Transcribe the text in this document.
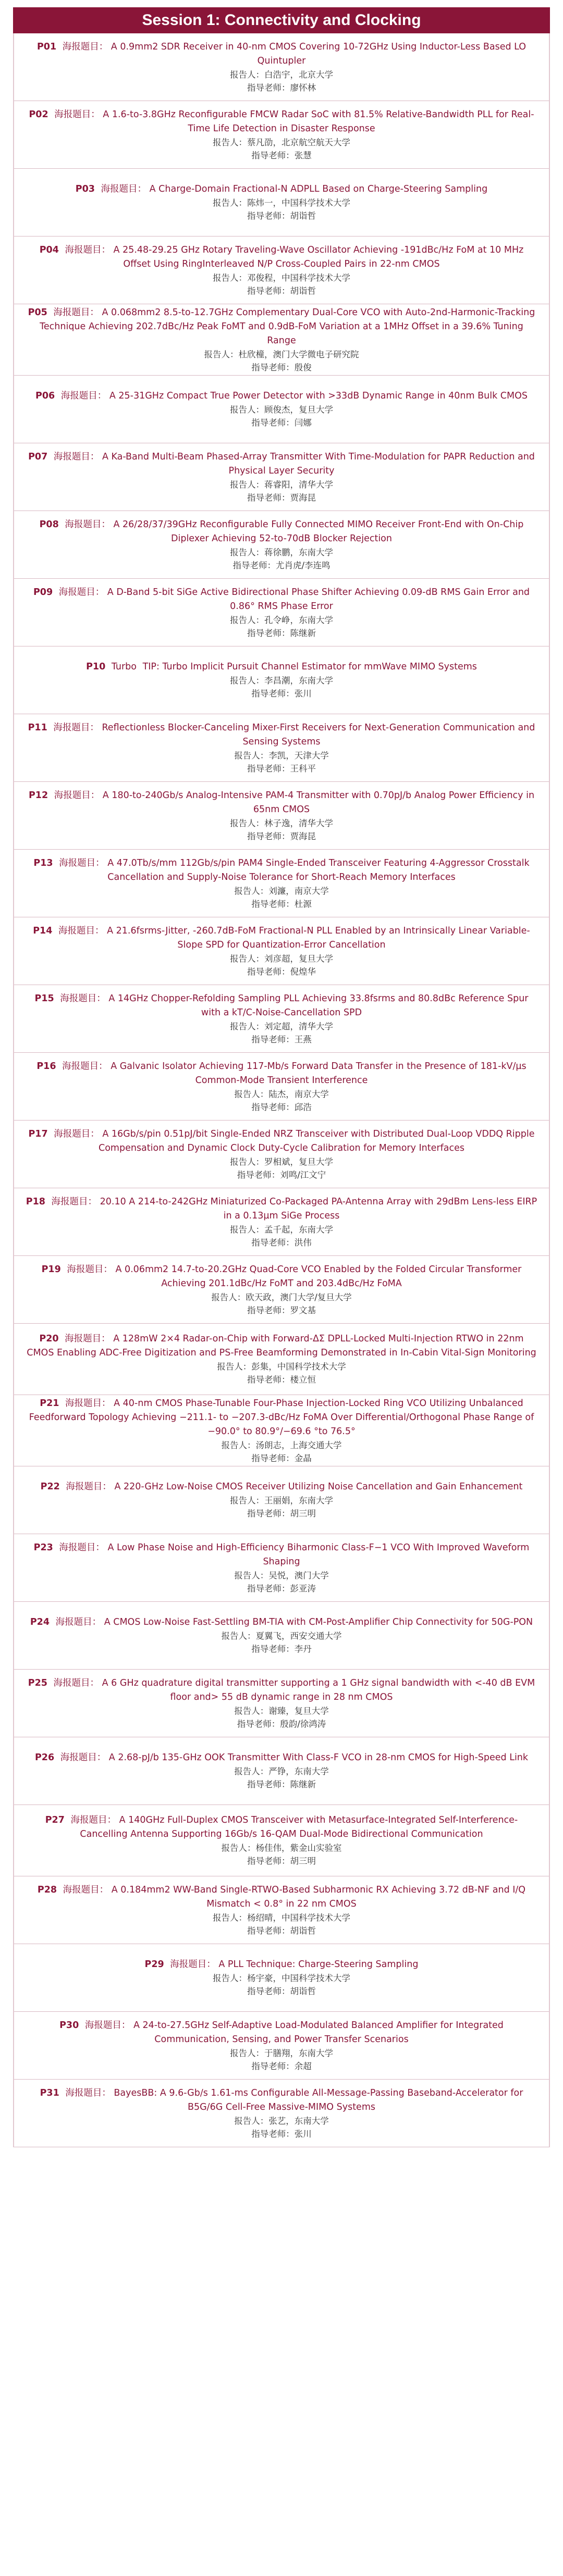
Session 1: Connectivity and Clocking
P01 海报题目： A 0.9mm2 SDR Receiver in 40-nm CMOS Covering 10-72GHz Using Inductor-Less Based LO Quintupler
报告人：白浩宇，北京大学
指导老师：廖怀林
P02 海报题目： A 1.6-to-3.8GHz Reconfigurable FMCW Radar SoC with 81.5% Relative-Bandwidth PLL for Real-Time Life Detection in Disaster Response
报告人：蔡凡劭，北京航空航天大学
指导老师：张慧
P03 海报题目： A Charge-Domain Fractional-N ADPLL Based on Charge-Steering Sampling
报告人：陈炜一，中国科学技术大学
指导老师：胡诣哲
P04 海报题目： A 25.48-29.25 GHz Rotary Traveling-Wave Oscillator Achieving -191dBc/Hz FoM at 10 MHz Offset Using RingInterleaved N/P Cross-Coupled Pairs in 22-nm CMOS
报告人：邓俊程，中国科学技术大学
指导老师：胡诣哲
P05 海报题目： A 0.068mm2 8.5-to-12.7GHz Complementary Dual-Core VCO with Auto-2nd-Harmonic-Tracking Technique Achieving 202.7dBc/Hz Peak FoMT and 0.9dB-FoM Variation at a 1MHz Offset in a 39.6% Tuning Range
报告人：杜欣橦，澳门大学微电子研究院
指导老师：殷俊
P06 海报题目： A 25-31GHz Compact True Power Detector with >33dB Dynamic Range in 40nm Bulk CMOS
报告人：顾俊杰，复旦大学
指导老师：闫娜
P07 海报题目： A Ka-Band Multi-Beam Phased-Array Transmitter With Time-Modulation for PAPR Reduction and Physical Layer Security
报告人：蒋睿阳，清华大学
指导老师：贾海昆
P08 海报题目： A 26/28/37/39GHz Reconfigurable Fully Connected MIMO Receiver Front-End with On-Chip Diplexer Achieving 52-to-70dB Blocker Rejection
报告人：蒋徐鹏，东南大学
指导老师：尤肖虎/李连鸣
P09 海报题目： A D-Band 5-bit SiGe Active Bidirectional Phase Shifter Achieving 0.09-dB RMS Gain Error and 0.86° RMS Phase Error
报告人：孔令峥，东南大学
指导老师：陈继新
P10 Turbo TIP: Turbo Implicit Pursuit Channel Estimator for mmWave MIMO Systems
报告人：李昌潮，东南大学
指导老师：张川
P11 海报题目： Reflectionless Blocker-Canceling Mixer-First Receivers for Next-Generation Communication and Sensing Systems
报告人：李凯，天津大学
指导老师：王科平
P12 海报题目： A 180-to-240Gb/s Analog-Intensive PAM-4 Transmitter with 0.70pJ/b Analog Power Efficiency in 65nm CMOS
报告人：林子逸，清华大学
指导老师：贾海昆
P13 海报题目： A 47.0Tb/s/mm 112Gb/s/pin PAM4 Single-Ended Transceiver Featuring 4-Aggressor Crosstalk Cancellation and Supply-Noise Tolerance for Short-Reach Memory Interfaces
报告人：刘濂，南京大学
指导老师：杜源
P14 海报题目： A 21.6fsrms-Jitter, -260.7dB-FoM Fractional-N PLL Enabled by an Intrinsically Linear Variable-Slope SPD for Quantization-Error Cancellation
报告人：刘彦超，复旦大学
指导老师：倪煌华
P15 海报题目： A 14GHz Chopper-Refolding Sampling PLL Achieving 33.8fsrms and 80.8dBc Reference Spur with a kT/C-Noise-Cancellation SPD
报告人：刘定超，清华大学
指导老师：王燕
P16 海报题目： A Galvanic Isolator Achieving 117-Mb/s Forward Data Transfer in the Presence of 181-kV/µs Common-Mode Transient Interference
报告人：陆杰，南京大学
指导老师：邱浩
P17 海报题目： A 16Gb/s/pin 0.51pJ/bit Single-Ended NRZ Transceiver with Distributed Dual-Loop VDDQ Ripple Compensation and Dynamic Clock Duty-Cycle Calibration for Memory Interfaces
报告人：罗相斌，复旦大学
指导老师：刘鸣/江文宁
P18 海报题目： 20.10 A 214-to-242GHz Miniaturized Co-Packaged PA-Antenna Array with 29dBm Lens-less EIRP in a 0.13µm SiGe Process
报告人：孟千起，东南大学
指导老师：洪伟
P19 海报题目： A 0.06mm2 14.7-to-20.2GHz Quad-Core VCO Enabled by the Folded Circular Transformer Achieving 201.1dBc/Hz FoMT and 203.4dBc/Hz FoMA
报告人：欧天政，澳门大学/复旦大学
指导老师：罗文基
P20 海报题目： A 128mW 2×4 Radar-on-Chip with Forward-ΔΣ DPLL-Locked Multi-Injection RTWO in 22nm CMOS Enabling ADC-Free Digitization and PS-Free Beamforming Demonstrated in In-Cabin Vital-Sign Monitoring
报告人：彭集，中国科学技术大学
指导老师：楼立恒
P21 海报题目： A 40-nm CMOS Phase-Tunable Four-Phase Injection-Locked Ring VCO Utilizing Unbalanced Feedforward Topology Achieving −211.1- to −207.3-dBc/Hz FoMA Over Differential/Orthogonal Phase Range of −90.0° to 80.9°/−69.6 °to 76.5°
报告人：汤朗志，上海交通大学
指导老师：金晶
P22 海报题目： A 220-GHz Low-Noise CMOS Receiver Utilizing Noise Cancellation and Gain Enhancement
报告人：王丽娟，东南大学
指导老师：胡三明
P23 海报题目： A Low Phase Noise and High-Efficiency Biharmonic Class-F−1 VCO With Improved Waveform Shaping
报告人：吴悦，澳门大学
指导老师：彭亚涛
P24 海报题目： A CMOS Low-Noise Fast-Settling BM-TIA with CM-Post-Amplifier Chip Connectivity for 50G-PON
报告人：夏翼飞，西安交通大学
指导老师：李丹
P25 海报题目： A 6 GHz quadrature digital transmitter supporting a 1 GHz signal bandwidth with <-40 dB EVM floor and> 55 dB dynamic range in 28 nm CMOS
报告人：谢臻，复旦大学
指导老师：殷韵/徐鸿涛
P26 海报题目： A 2.68-pJ/b 135-GHz OOK Transmitter With Class-F VCO in 28-nm CMOS for High-Speed Link
报告人：严铮，东南大学
指导老师：陈继新
P27 海报题目： A 140GHz Full-Duplex CMOS Transceiver with Metasurface-Integrated Self-Interference-Cancelling Antenna Supporting 16Gb/s 16-QAM Dual-Mode Bidirectional Communication
报告人：杨佳伟，紫金山实验室
指导老师：胡三明
P28 海报题目： A 0.184mm2 WW-Band Single-RTWO-Based Subharmonic RX Achieving 3.72 dB-NF and I/Q Mismatch < 0.8° in 22 nm CMOS
报告人：杨绍晴，中国科学技术大学
指导老师：胡诣哲
P29 海报题目： A PLL Technique: Charge-Steering Sampling
报告人：杨宇豪，中国科学技术大学
指导老师：胡诣哲
P30 海报题目： A 24-to-27.5GHz Self-Adaptive Load-Modulated Balanced Amplifier for Integrated Communication, Sensing, and Power Transfer Scenarios
报告人：于膳翔，东南大学
指导老师：余超
P31 海报题目： BayesBB: A 9.6-Gb/s 1.61-ms Configurable All-Message-Passing Baseband-Accelerator for B5G/6G Cell-Free Massive-MIMO Systems
报告人：张艺，东南大学
指导老师：张川
